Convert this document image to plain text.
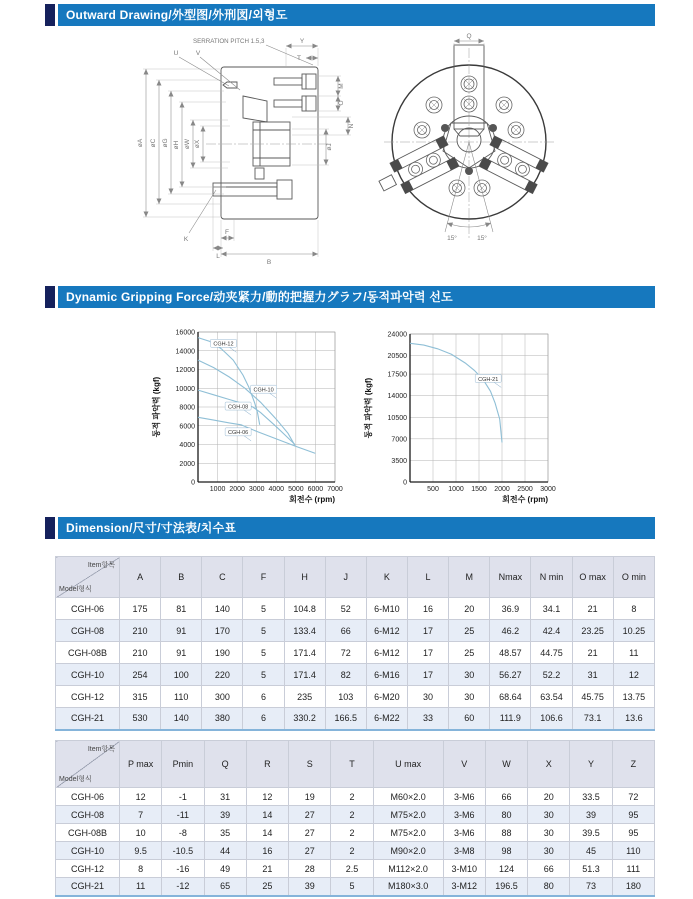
Outward Drawing/外型图/外刑図/외형도
øA øC øG øH øW øX
Y
T
M
O
N
øJ
B
F
L
K
U	V
SERRATION PITCH 1.5,3
Q
15°	15°
Dynamic Gripping Force/动夹紧力/動的把握力グラフ/동적파악력 선도
1000 2000 3000 4000 5000 6000 7000
0
2000
4000
6000
8000
10000
12000
14000
16000
CGH-12
CGH-10
CGH-08
CGH-06
회전수 (rpm)
동적 파악력 (kgf)
500 1000 1500 2000 2500 3000
0
3500
7000
10500
14000
17500
20500
24000
CGH-21
회전수 (rpm)
동적 파악력 (kgf)
Dimension/尺寸/寸法表/치수표
Item항목
Model형식	A	B	C	F	H	J	K	L	M	Nmax	N min	O max	O min
CGH-06	175	81	140	5	104.8	52	6-M10	16	20	36.9	34.1	21	8
CGH-08	210	91	170	5	133.4	66	6-M12	17	25	46.2	42.4	23.25	10.25
CGH-08B	210	91	190	5	171.4	72	6-M12	17	25	48.57	44.75	21	11
CGH-10	254	100	220	5	171.4	82	6-M16	17	30	56.27	52.2	31	12
CGH-12	315	110	300	6	235	103	6-M20	30	30	68.64	63.54	45.75	13.75
CGH-21	530	140	380	6	330.2	166.5	6-M22	33	60	111.9	106.6	73.1	13.6
Item항목
Model형식	P max	Pmin	Q	R	S	T	U max	V	W	X	Y	Z
CGH-06	12	-1	31	12	19	2	M60×2.0	3-M6	66	20	33.5	72
CGH-08	7	-11	39	14	27	2	M75×2.0	3-M6	80	30	39	95
CGH-08B	10	-8	35	14	27	2	M75×2.0	3-M6	88	30	39.5	95
CGH-10	9.5	-10.5	44	16	27	2	M90×2.0	3-M8	98	30	45	110
CGH-12	8	-16	49	21	28	2.5	M112×2.0	3-M10	124	66	51.3	111
CGH-21	11	-12	65	25	39	5	M180×3.0	3-M12	196.5	80	73	180
